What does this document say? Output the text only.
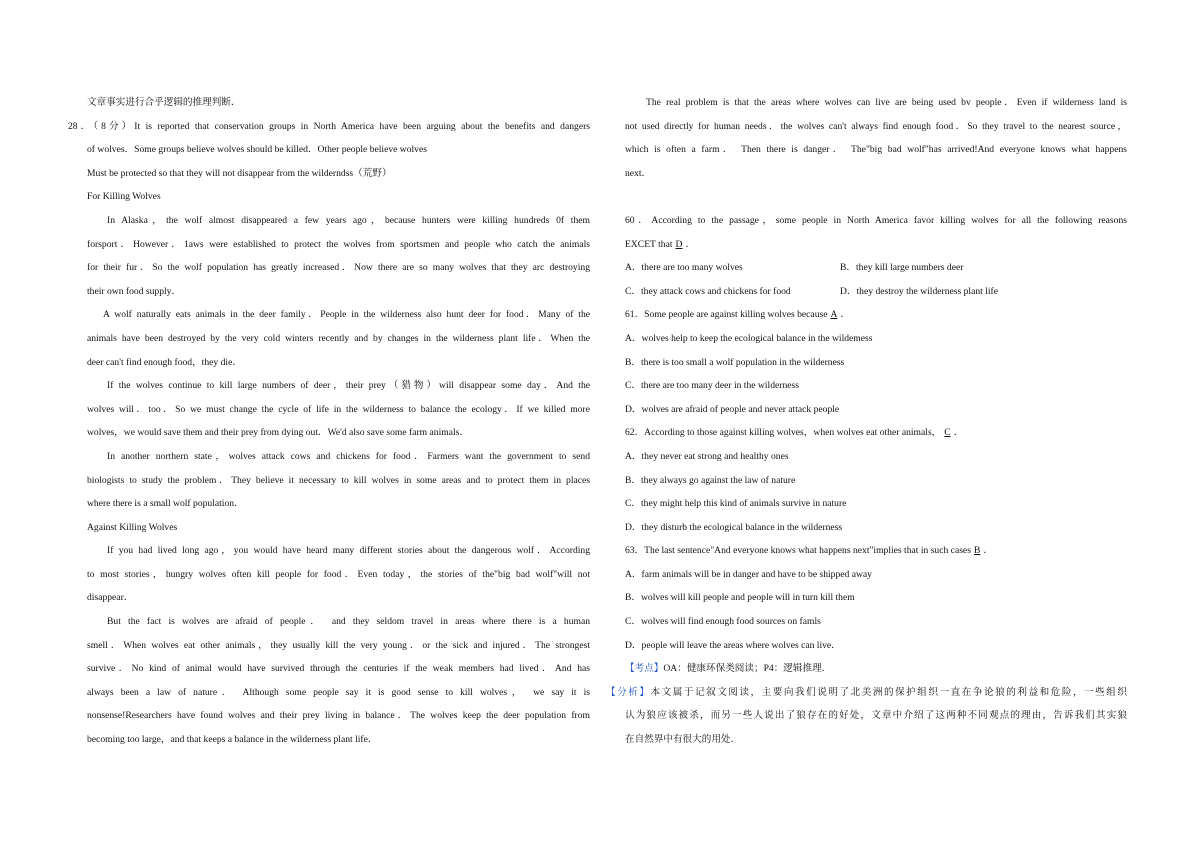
文章事实进行合乎逻辑的推理判断．
28．（8分）It is reported that conservation groups in North America have been arguing about the benefits and dangers
of wolves．Some groups believe wolves should be killed．Other people believe wolves
Must be protected so that they will not disappear from the wilderndss（荒野）
For Killing Wolves
In Alaska，the wolf almost disappeared a few years ago，because hunters were killing hundreds 0f them
forsport．However．1aws were established to protect the wolves from sportsmen and people who catch the animals
for their fur．So the wolf population has greatly increased．Now there are so many wolves that they arc destroying
their own food supply．
A wolf naturally eats animals in the deer family．People in the wilderness also hunt deer for food．Many of the
animals have been destroyed by the very cold winters recently and by changes in the wilderness plant life．When the
deer can't find enough food，they die．
If the wolves continue to kill large numbers of deer，their prey（猎物）will disappear some day．And the
wolves will．too．So we must change the cycle of life in the wilderness to balance the ecology．If we killed more
wolves，we would save them and their prey from dying out．We'd also save some farm animals．
In another northern state，wolves attack cows and chickens for food．Farmers want the government to send
biologists to study the problem．They believe it necessary to kill wolves in some areas and to protect them in places
where there is a small wolf population．
Against Killing Wolves
If you had lived long ago，you would have heard many different stories about the dangerous wolf．According
to most stories，hungry wolves often kill people for food．Even today，the stories of the"big bad wolf"will not
disappear．
But the fact is wolves are afraid of people． and they seldom travel in areas where there is a human
smell．When wolves eat other animals，they usually kill the very young．or the sick and injured．The strongest
survive．No kind of animal would have survived through the centuries if the weak members had lived．And has
always been a law of nature． Although some people say it is good sense to kill wolves， we say it is
nonsense!Researchers have found wolves and their prey living in balance．The wolves keep the deer population from
becoming too large，and that keeps a balance in the wilderness plant life．
The real problem is that the areas where wolves can live are being used bv people．Even if wilderness land is
not used directly for human needs．the wolves can't always find enough food．So they travel to the nearest source，
which is often a farm． Then there is danger． The"big bad wolf"has arrived!And everyone knows what happens
next．
60．According to the passage，some people in North America favor killing wolves for all the following reasons
EXCET that D ．
A．there are too many wolves	B．they kill large numbers deer
C．they attack cows and chickens for food	D．they destroy the wilderness plant life
61．Some people are against killing wolves because A ．
A．wolves help to keep the ecological balance in the wildemess
B．there is too small a wolf population in the wilderness
C．there are too many deer in the wilderness
D．wolves are afraid of people and never attack people
62．According to those against killing wolves，when wolves eat other animals， C ．
A．they never eat strong and healthy ones
B．they always go against the law of nature
C．they might help this kind of animals survive in nature
D．they disturb the ecological balance in the wilderness
63．The last sentence"And everyone knows what happens next"implies that in such cases B ．
A．farm animals will be in danger and have to be shipped away
B．wolves will kill people and people will in turn kill them
C．wolves will find enough food sources on famls
D．people will leave the areas where wolves can live．
【考点】OA：健康环保类阅读；P4：逻辑推理．
【分析】本文属于记叙文阅读，主要向我们说明了北美洲的保护组织一直在争论狼的利益和危险，一些组织
认为狼应该被杀，而另一些人说出了狼存在的好处，文章中介绍了这两种不同观点的理由，告诉我们其实狼
在自然界中有很大的用处．
